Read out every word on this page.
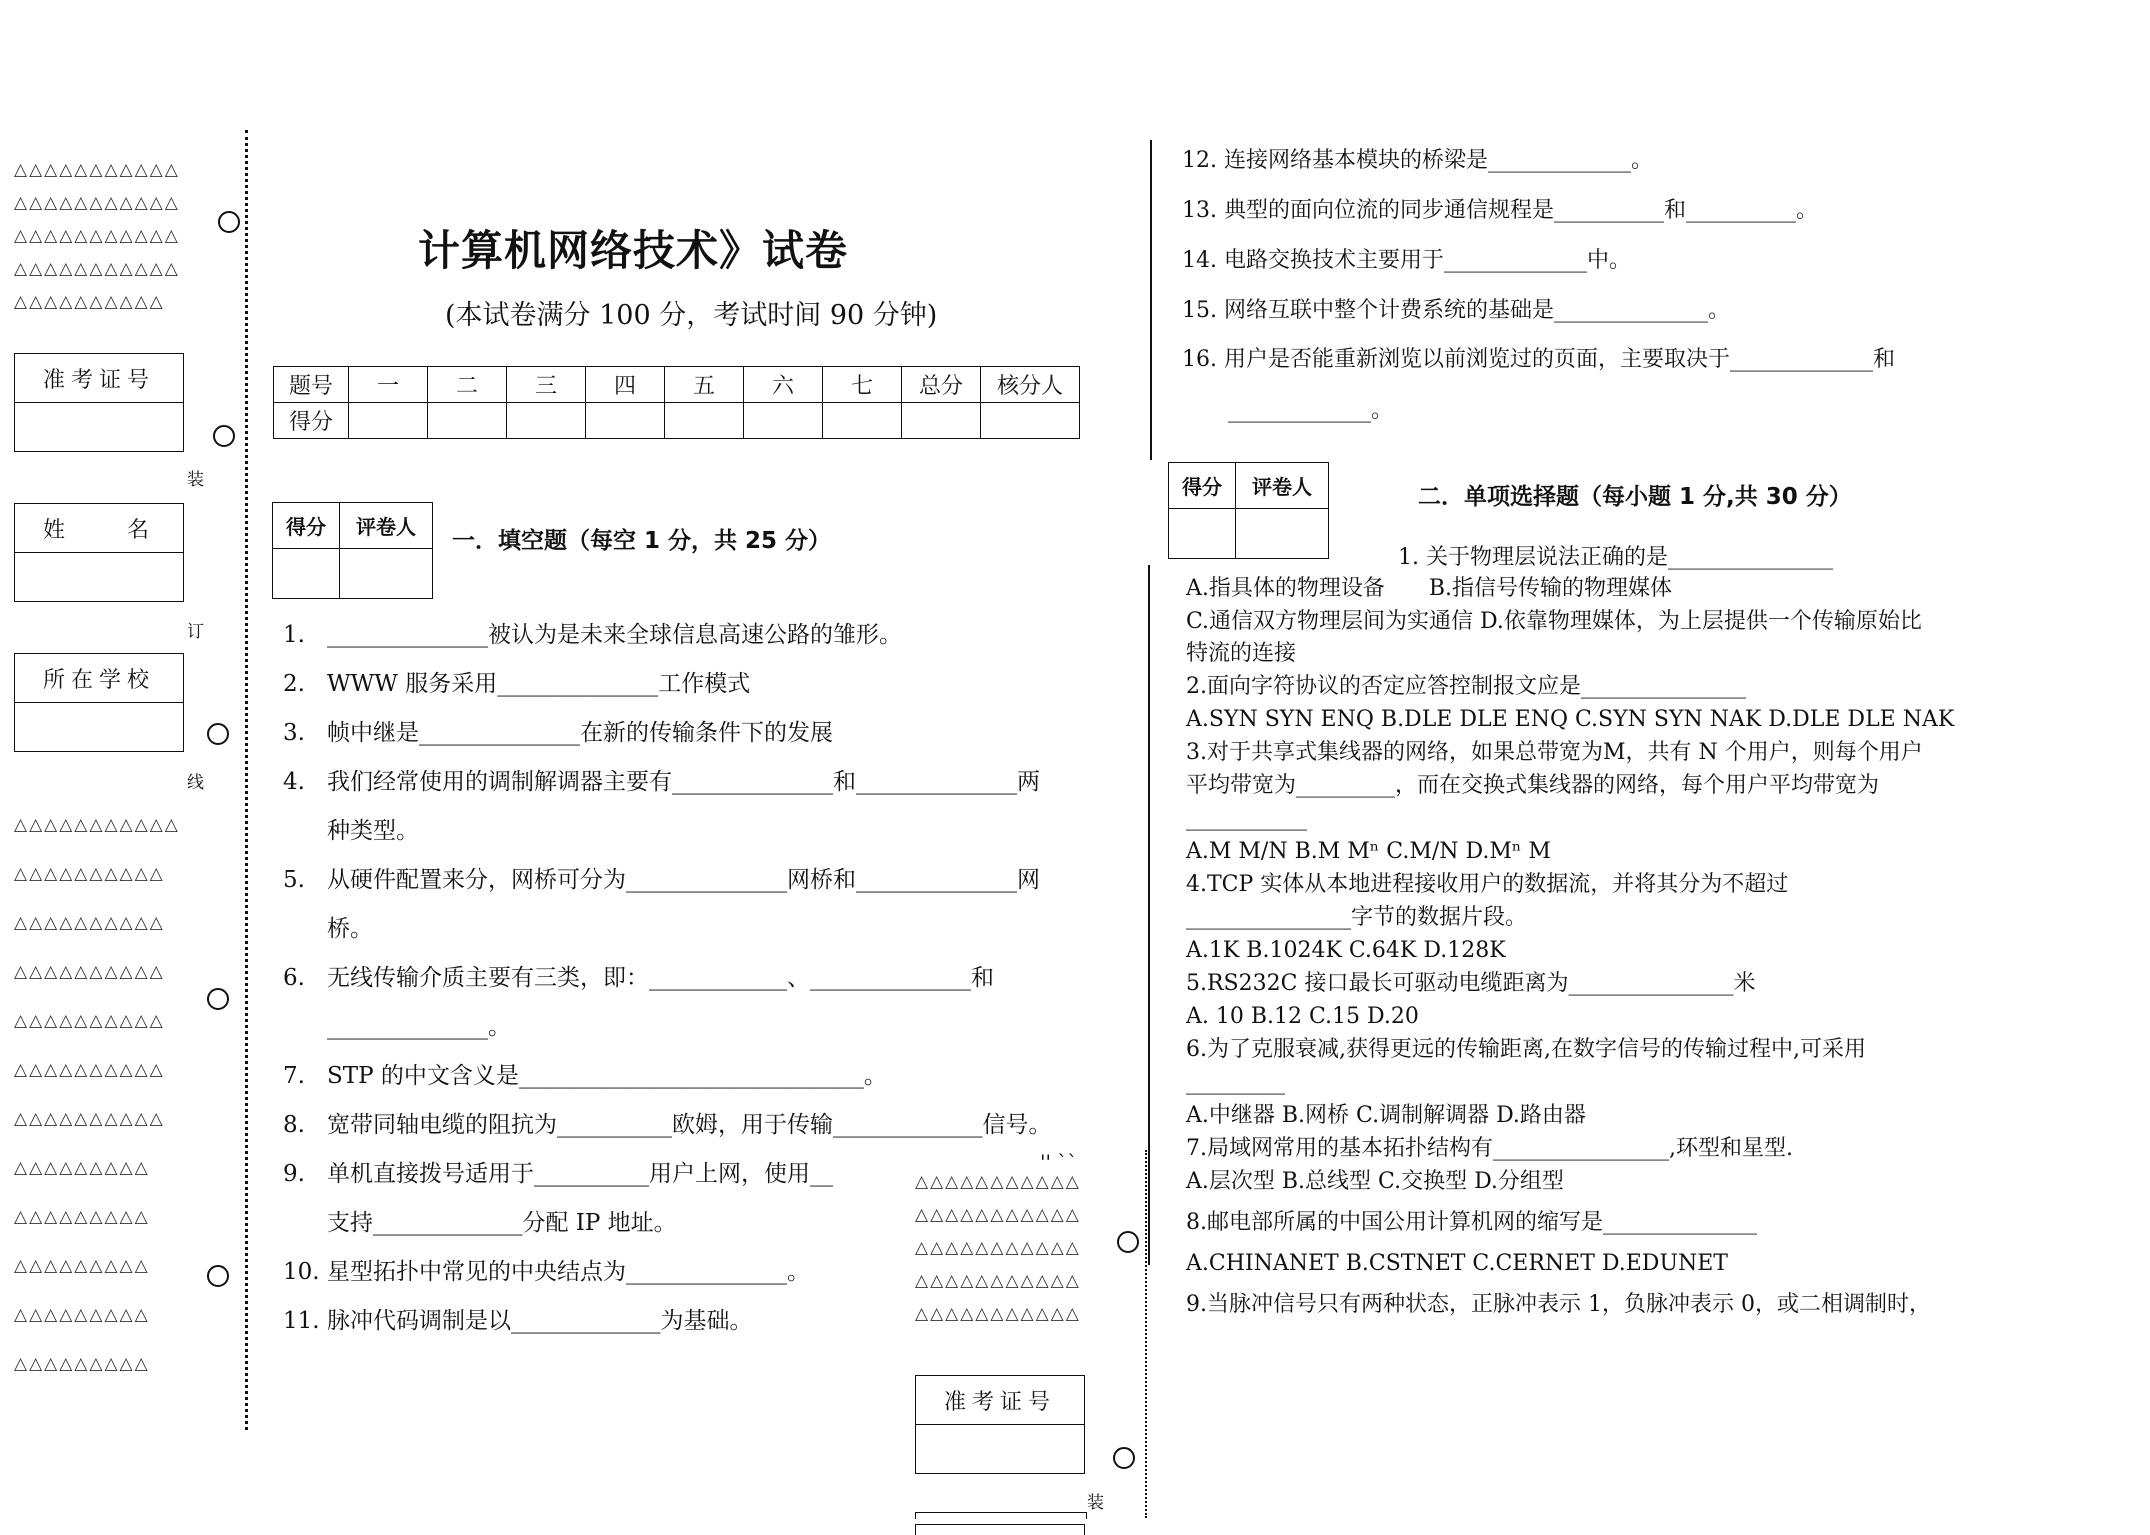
△△△△△△△△△△△
△△△△△△△△△△△
△△△△△△△△△△△
△△△△△△△△△△△
△△△△△△△△△△
准考证号
装
姓　　名
订
所在学校
线
△△△△△△△△△△△
△△△△△△△△△△
△△△△△△△△△△
△△△△△△△△△△
△△△△△△△△△△
△△△△△△△△△△
△△△△△△△△△△
△△△△△△△△△
△△△△△△△△△
△△△△△△△△△
△△△△△△△△△
△△△△△△△△△
计算机网络技术》试卷
(本试卷满分 100 分，考试时间 90 分钟)
题号	一	二	三	四	五	六	七	总分	核分人
得分									
得分	评卷人

一．填空题（每空 1 分，共 25 分）
1. ______________被认为是未来全球信息高速公路的雏形。
2. WWW 服务采用______________工作模式
3. 帧中继是______________在新的传输条件下的发展
4. 我们经常使用的调制解调器主要有______________和______________两
种类型。
5. 从硬件配置来分，网桥可分为______________网桥和______________网
桥。
6. 无线传输介质主要有三类，即：____________、______________和
______________。
7. STP 的中文含义是______________________________。
8. 宽带同轴电缆的阻抗为__________欧姆，用于传输_____________信号。
9. 单机直接拨号适用于__________用户上网，使用__
支持_____________分配 IP 地址。
10. 星型拓扑中常见的中央结点为______________。
11. 脉冲代码调制是以_____________为基础。
'' ``
△△△△△△△△△△△
△△△△△△△△△△△
△△△△△△△△△△△
△△△△△△△△△△△
△△△△△△△△△△△
准考证号
装
12. 连接网络基本模块的桥梁是_____________。
13. 典型的面向位流的同步通信规程是__________和__________。
14. 电路交换技术主要用于_____________中。
15. 网络互联中整个计费系统的基础是______________。
16. 用户是否能重新浏览以前浏览过的页面，主要取决于_____________和
_____________。
得分	评卷人
		二．单项选择题（每小题 1 分,共 30 分）
1. 关于物理层说法正确的是_______________
A.指具体的物理设备　　B.指信号传输的物理媒体
C.通信双方物理层间为实通信 D.依靠物理媒体，为上层提供一个传输原始比
特流的连接
2.面向字符协议的否定应答控制报文应是_______________
A.SYN SYN ENQ B.DLE DLE ENQ C.SYN SYN NAK D.DLE DLE NAK
3.对于共享式集线器的网络，如果总带宽为M，共有 N 个用户，则每个用户
平均带宽为_________，而在交换式集线器的网络，每个用户平均带宽为
___________
A.M M/N B.M Mⁿ C.M/N D.Mⁿ M
4.TCP 实体从本地进程接收用户的数据流，并将其分为不超过
_______________字节的数据片段。
A.1K B.1024K C.64K D.128K
5.RS232C 接口最长可驱动电缆距离为_______________米
A. 10 B.12 C.15 D.20
6.为了克服衰减,获得更远的传输距离,在数字信号的传输过程中,可采用
_________
A.中继器 B.网桥 C.调制解调器 D.路由器
7.局域网常用的基本拓扑结构有________________,环型和星型.
A.层次型 B.总线型 C.交换型 D.分组型
8.邮电部所属的中国公用计算机网的缩写是______________
A.CHINANET B.CSTNET C.CERNET D.EDUNET
9.当脉冲信号只有两种状态，正脉冲表示 1，负脉冲表示 0，或二相调制时，
